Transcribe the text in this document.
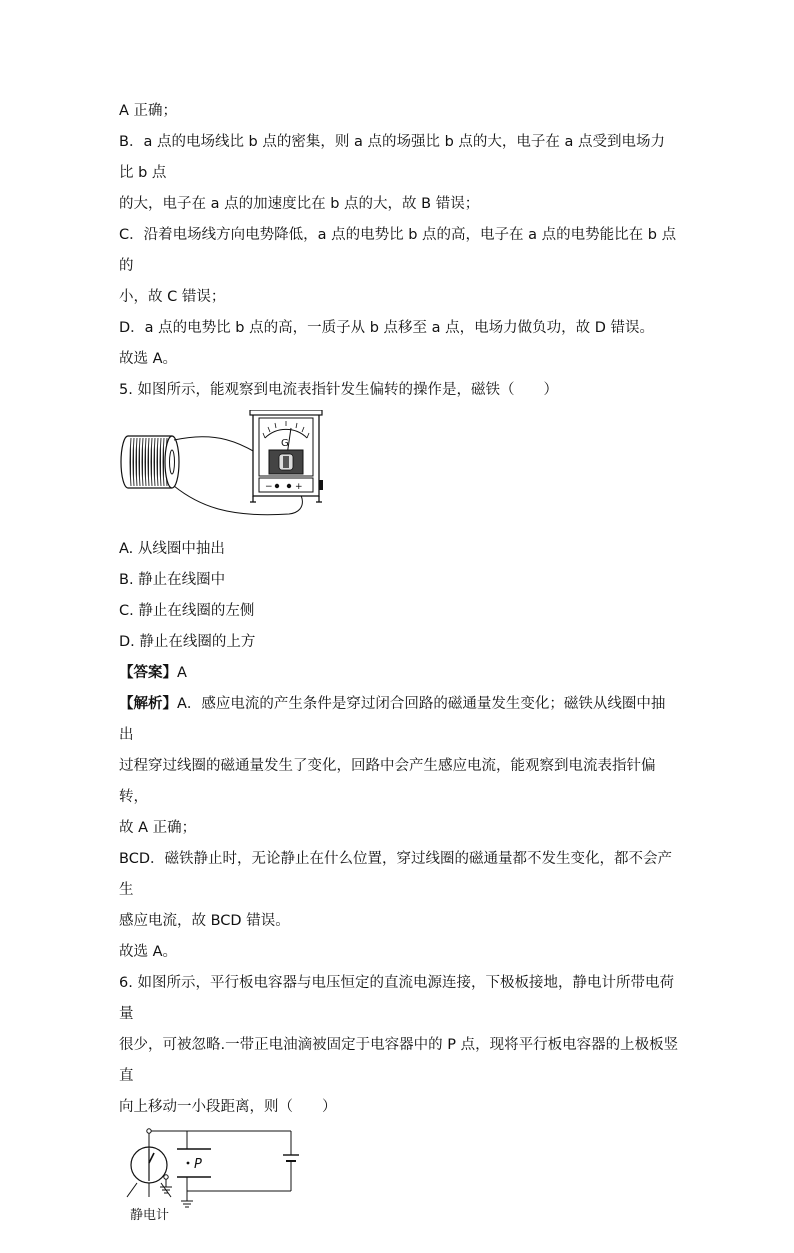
A 正确；

B．a 点的电场线比 b 点的密集，则 a 点的场强比 b 点的大，电子在 a 点受到电场力比 b 点

的大，电子在 a 点的加速度比在 b 点的大，故 B 错误；

C．沿着电场线方向电势降低，a 点的电势比 b 点的高，电子在 a 点的电势能比在 b 点的

小，故 C 错误；

D．a 点的电势比 b 点的高，一质子从 b 点移至 a 点，电场力做负功，故 D 错误。

故选 A。

5. 如图所示，能观察到电流表指针发生偏转的操作是，磁铁（　　）

G
− +

A. 从线圈中抽出

B. 静止在线圈中

C. 静止在线圈的左侧

D. 静止在线圈的上方

【答案】A

【解析】A．感应电流的产生条件是穿过闭合回路的磁通量发生变化；磁铁从线圈中抽出

过程穿过线圈的磁通量发生了变化，回路中会产生感应电流，能观察到电流表指针偏转，

故 A 正确；

BCD．磁铁静止时，无论静止在什么位置，穿过线圈的磁通量都不发生变化，都不会产生

感应电流，故 BCD 错误。

故选 A。

6. 如图所示，平行板电容器与电压恒定的直流电源连接，下极板接地，静电计所带电荷量

很少，可被忽略.一带正电油滴被固定于电容器中的 P 点，现将平行板电容器的上极板竖直

向上移动一小段距离，则（　　）

静电计
P
